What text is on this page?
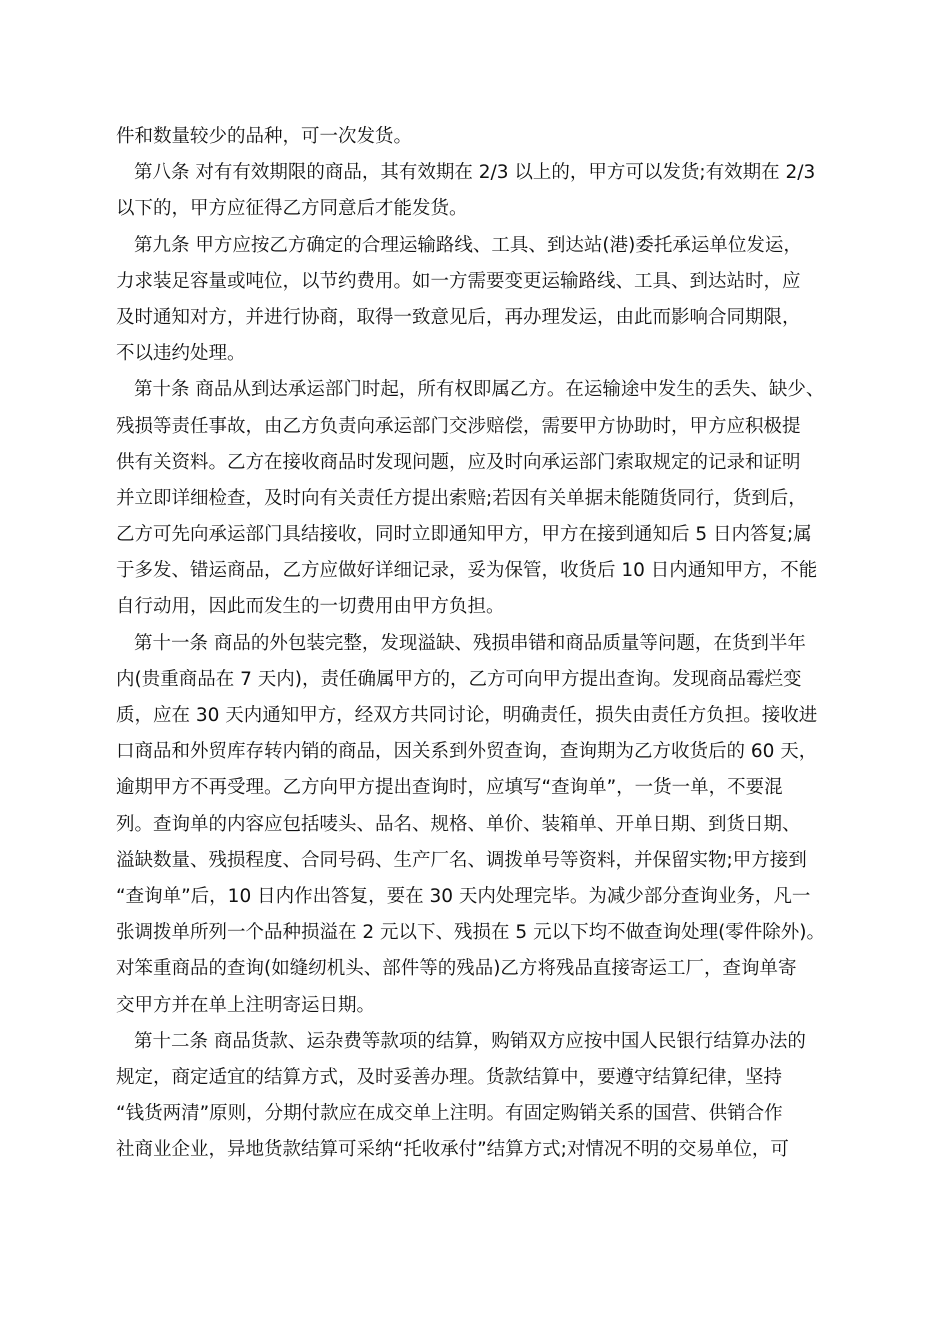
件和数量较少的品种，可一次发货。
第八条 对有有效期限的商品，其有效期在 2/3 以上的，甲方可以发货;有效期在 2/3
以下的，甲方应征得乙方同意后才能发货。
第九条 甲方应按乙方确定的合理运输路线、工具、到达站(港)委托承运单位发运，
力求装足容量或吨位，以节约费用。如一方需要变更运输路线、工具、到达站时，应
及时通知对方，并进行协商，取得一致意见后，再办理发运，由此而影响合同期限，
不以违约处理。
第十条 商品从到达承运部门时起，所有权即属乙方。在运输途中发生的丢失、缺少、
残损等责任事故，由乙方负责向承运部门交涉赔偿，需要甲方协助时，甲方应积极提
供有关资料。乙方在接收商品时发现问题，应及时向承运部门索取规定的记录和证明
并立即详细检查，及时向有关责任方提出索赔;若因有关单据未能随货同行，货到后，
乙方可先向承运部门具结接收，同时立即通知甲方，甲方在接到通知后 5 日内答复;属
于多发、错运商品，乙方应做好详细记录，妥为保管，收货后 10 日内通知甲方，不能
自行动用，因此而发生的一切费用由甲方负担。
第十一条 商品的外包装完整，发现溢缺、残损串错和商品质量等问题，在货到半年
内(贵重商品在 7 天内)，责任确属甲方的，乙方可向甲方提出查询。发现商品霉烂变
质，应在 30 天内通知甲方，经双方共同讨论，明确责任，损失由责任方负担。接收进
口商品和外贸库存转内销的商品，因关系到外贸查询，查询期为乙方收货后的 60 天，
逾期甲方不再受理。乙方向甲方提出查询时，应填写“查询单”，一货一单，不要混
列。查询单的内容应包括唛头、品名、规格、单价、装箱单、开单日期、到货日期、
溢缺数量、残损程度、合同号码、生产厂名、调拨单号等资料，并保留实物;甲方接到
“查询单”后，10 日内作出答复，要在 30 天内处理完毕。为减少部分查询业务，凡一
张调拨单所列一个品种损溢在 2 元以下、残损在 5 元以下均不做查询处理(零件除外)。
对笨重商品的查询(如缝纫机头、部件等的残品)乙方将残品直接寄运工厂，查询单寄
交甲方并在单上注明寄运日期。
第十二条 商品货款、运杂费等款项的结算，购销双方应按中国人民银行结算办法的
规定，商定适宜的结算方式，及时妥善办理。货款结算中，要遵守结算纪律，坚持
“钱货两清”原则，分期付款应在成交单上注明。有固定购销关系的国营、供销合作
社商业企业，异地货款结算可采纳“托收承付”结算方式;对情况不明的交易单位，可
